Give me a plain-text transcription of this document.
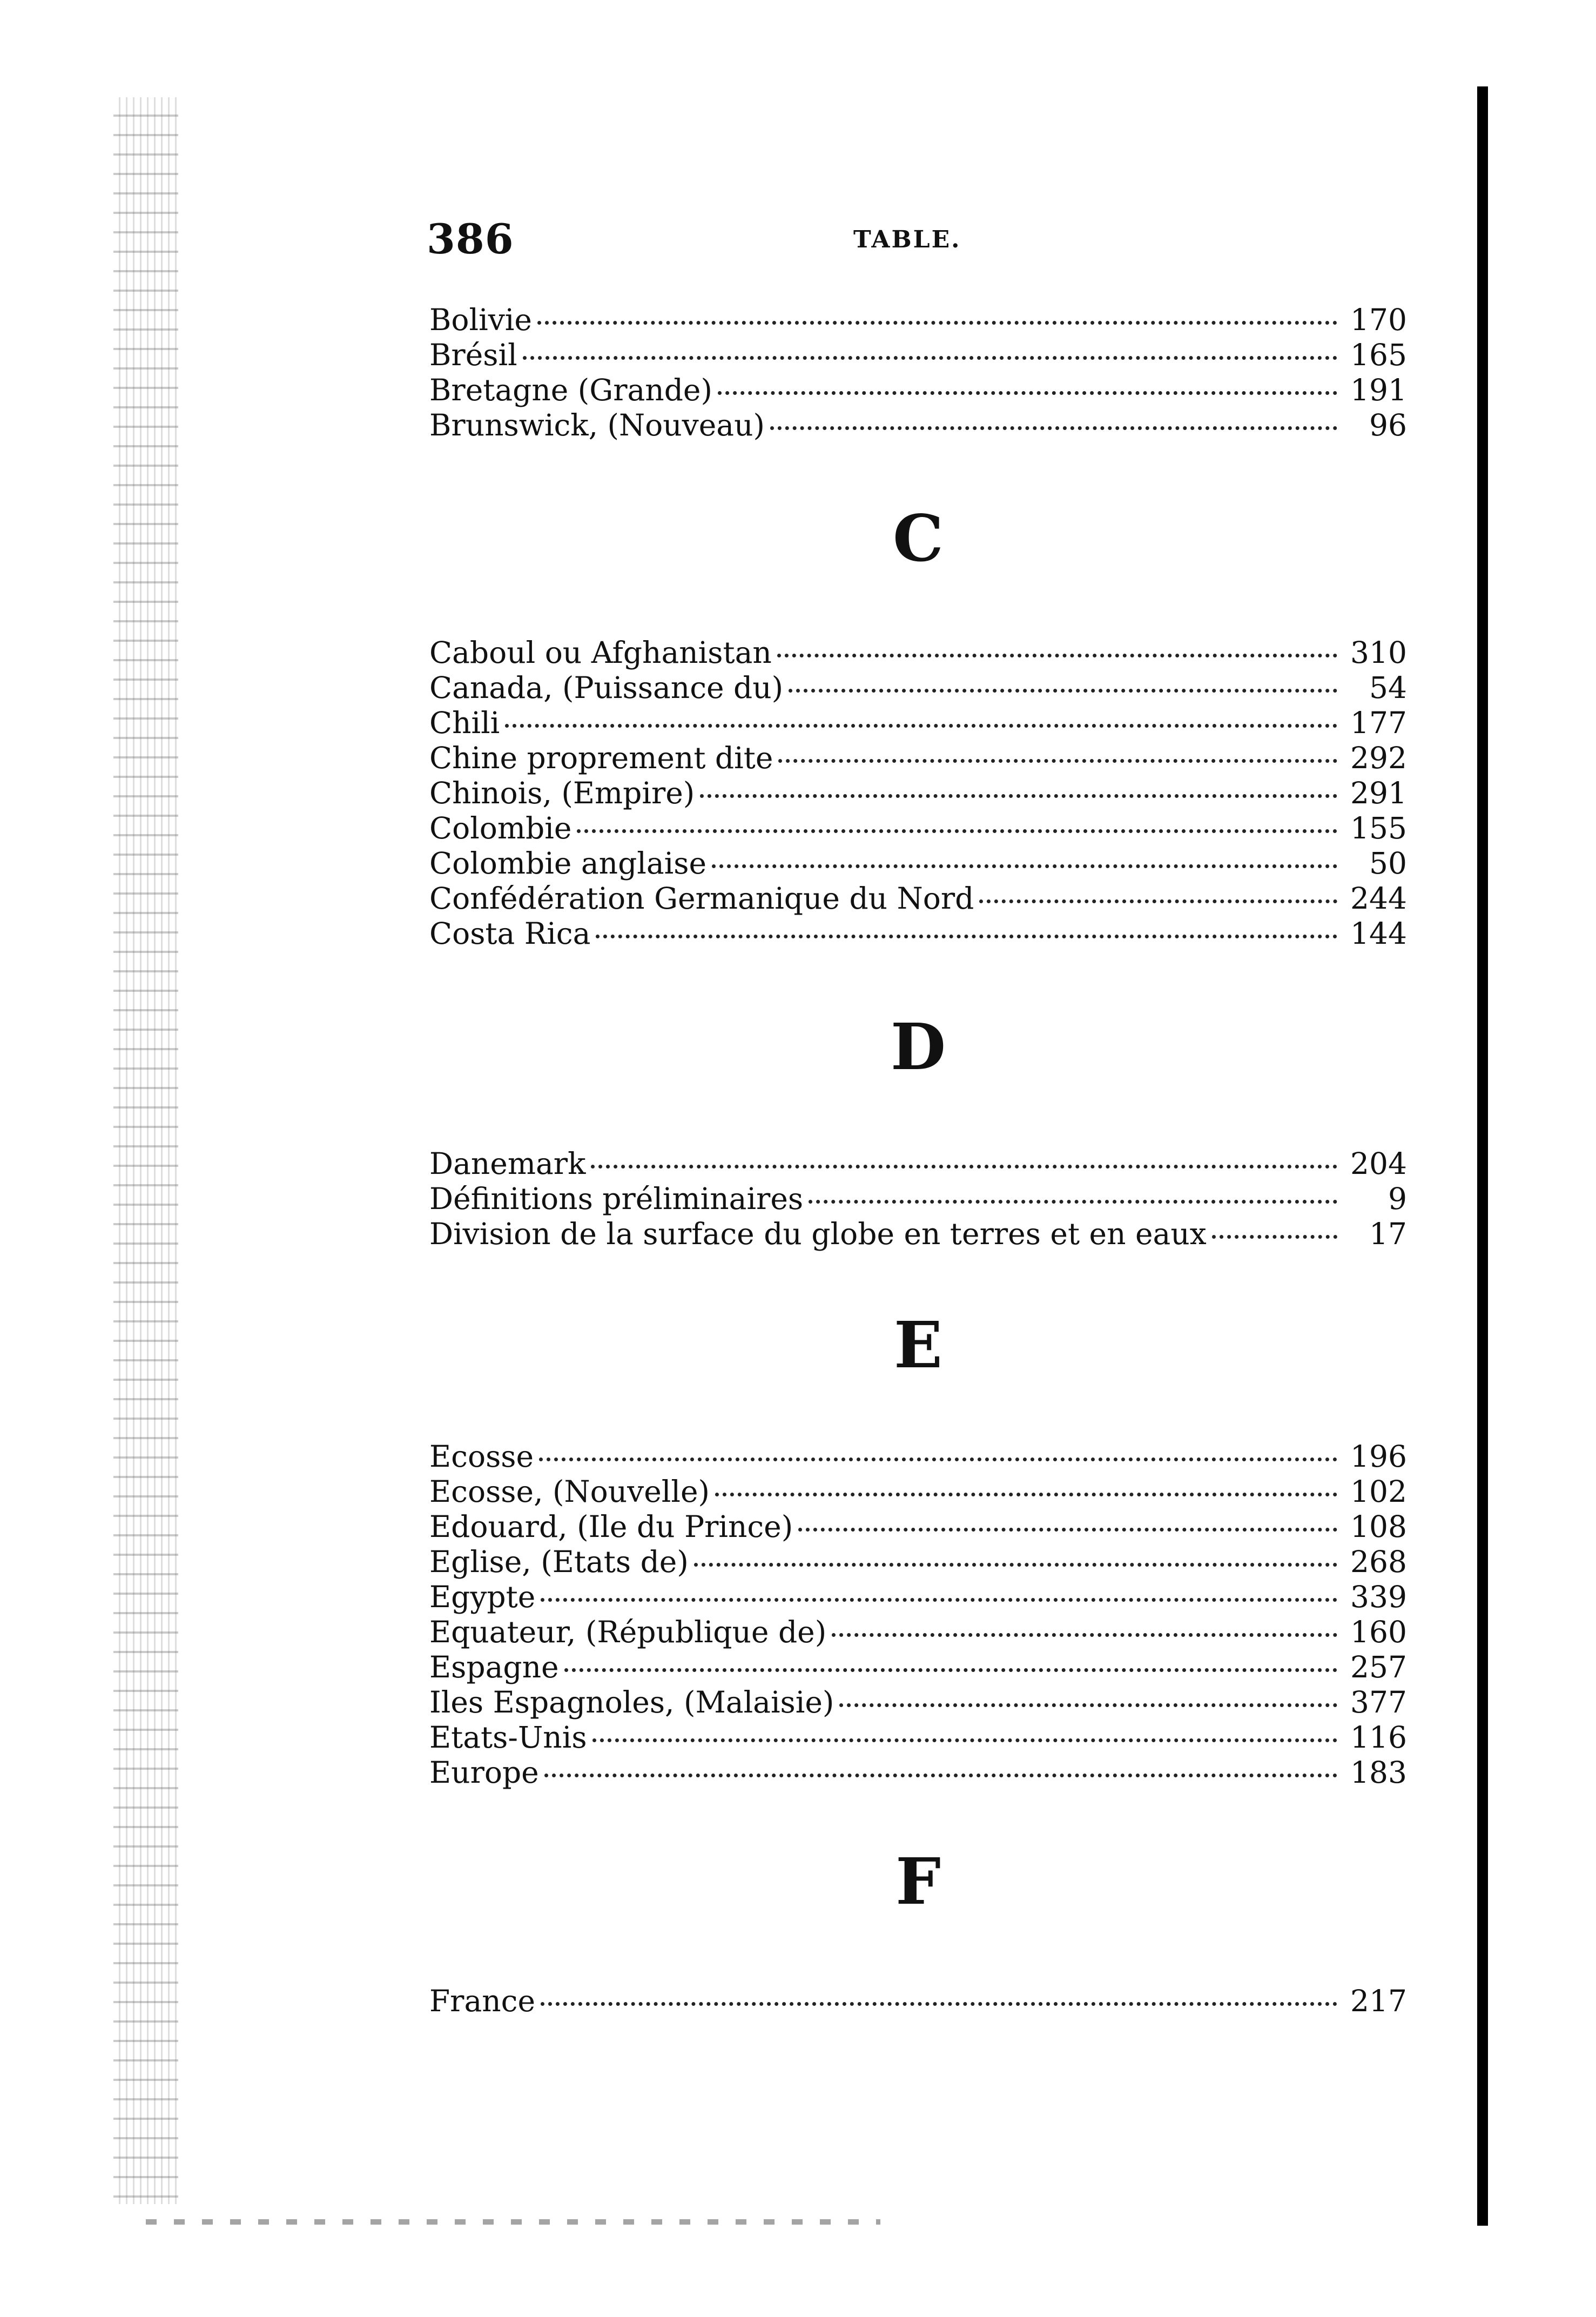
386	TABLE.
Bolivie	170
Brésil	165
Bretagne (Grande)	191
Brunswick, (Nouveau)	96
C
Caboul ou Afghanistan	310
Canada, (Puissance du)	54
Chili	177
Chine proprement dite	292
Chinois, (Empire)	291
Colombie	155
Colombie anglaise	50
Confédération Germanique du Nord	244
Costa Rica	144
D
Danemark	204
Définitions préliminaires	9
Division de la surface du globe en terres et en eaux	17
E
Ecosse	196
Ecosse, (Nouvelle)	102
Edouard, (Ile du Prince)	108
Eglise, (Etats de)	268
Egypte	339
Equateur, (République de)	160
Espagne	257
Iles Espagnoles, (Malaisie)	377
Etats-Unis	116
Europe	183
F
France	217
